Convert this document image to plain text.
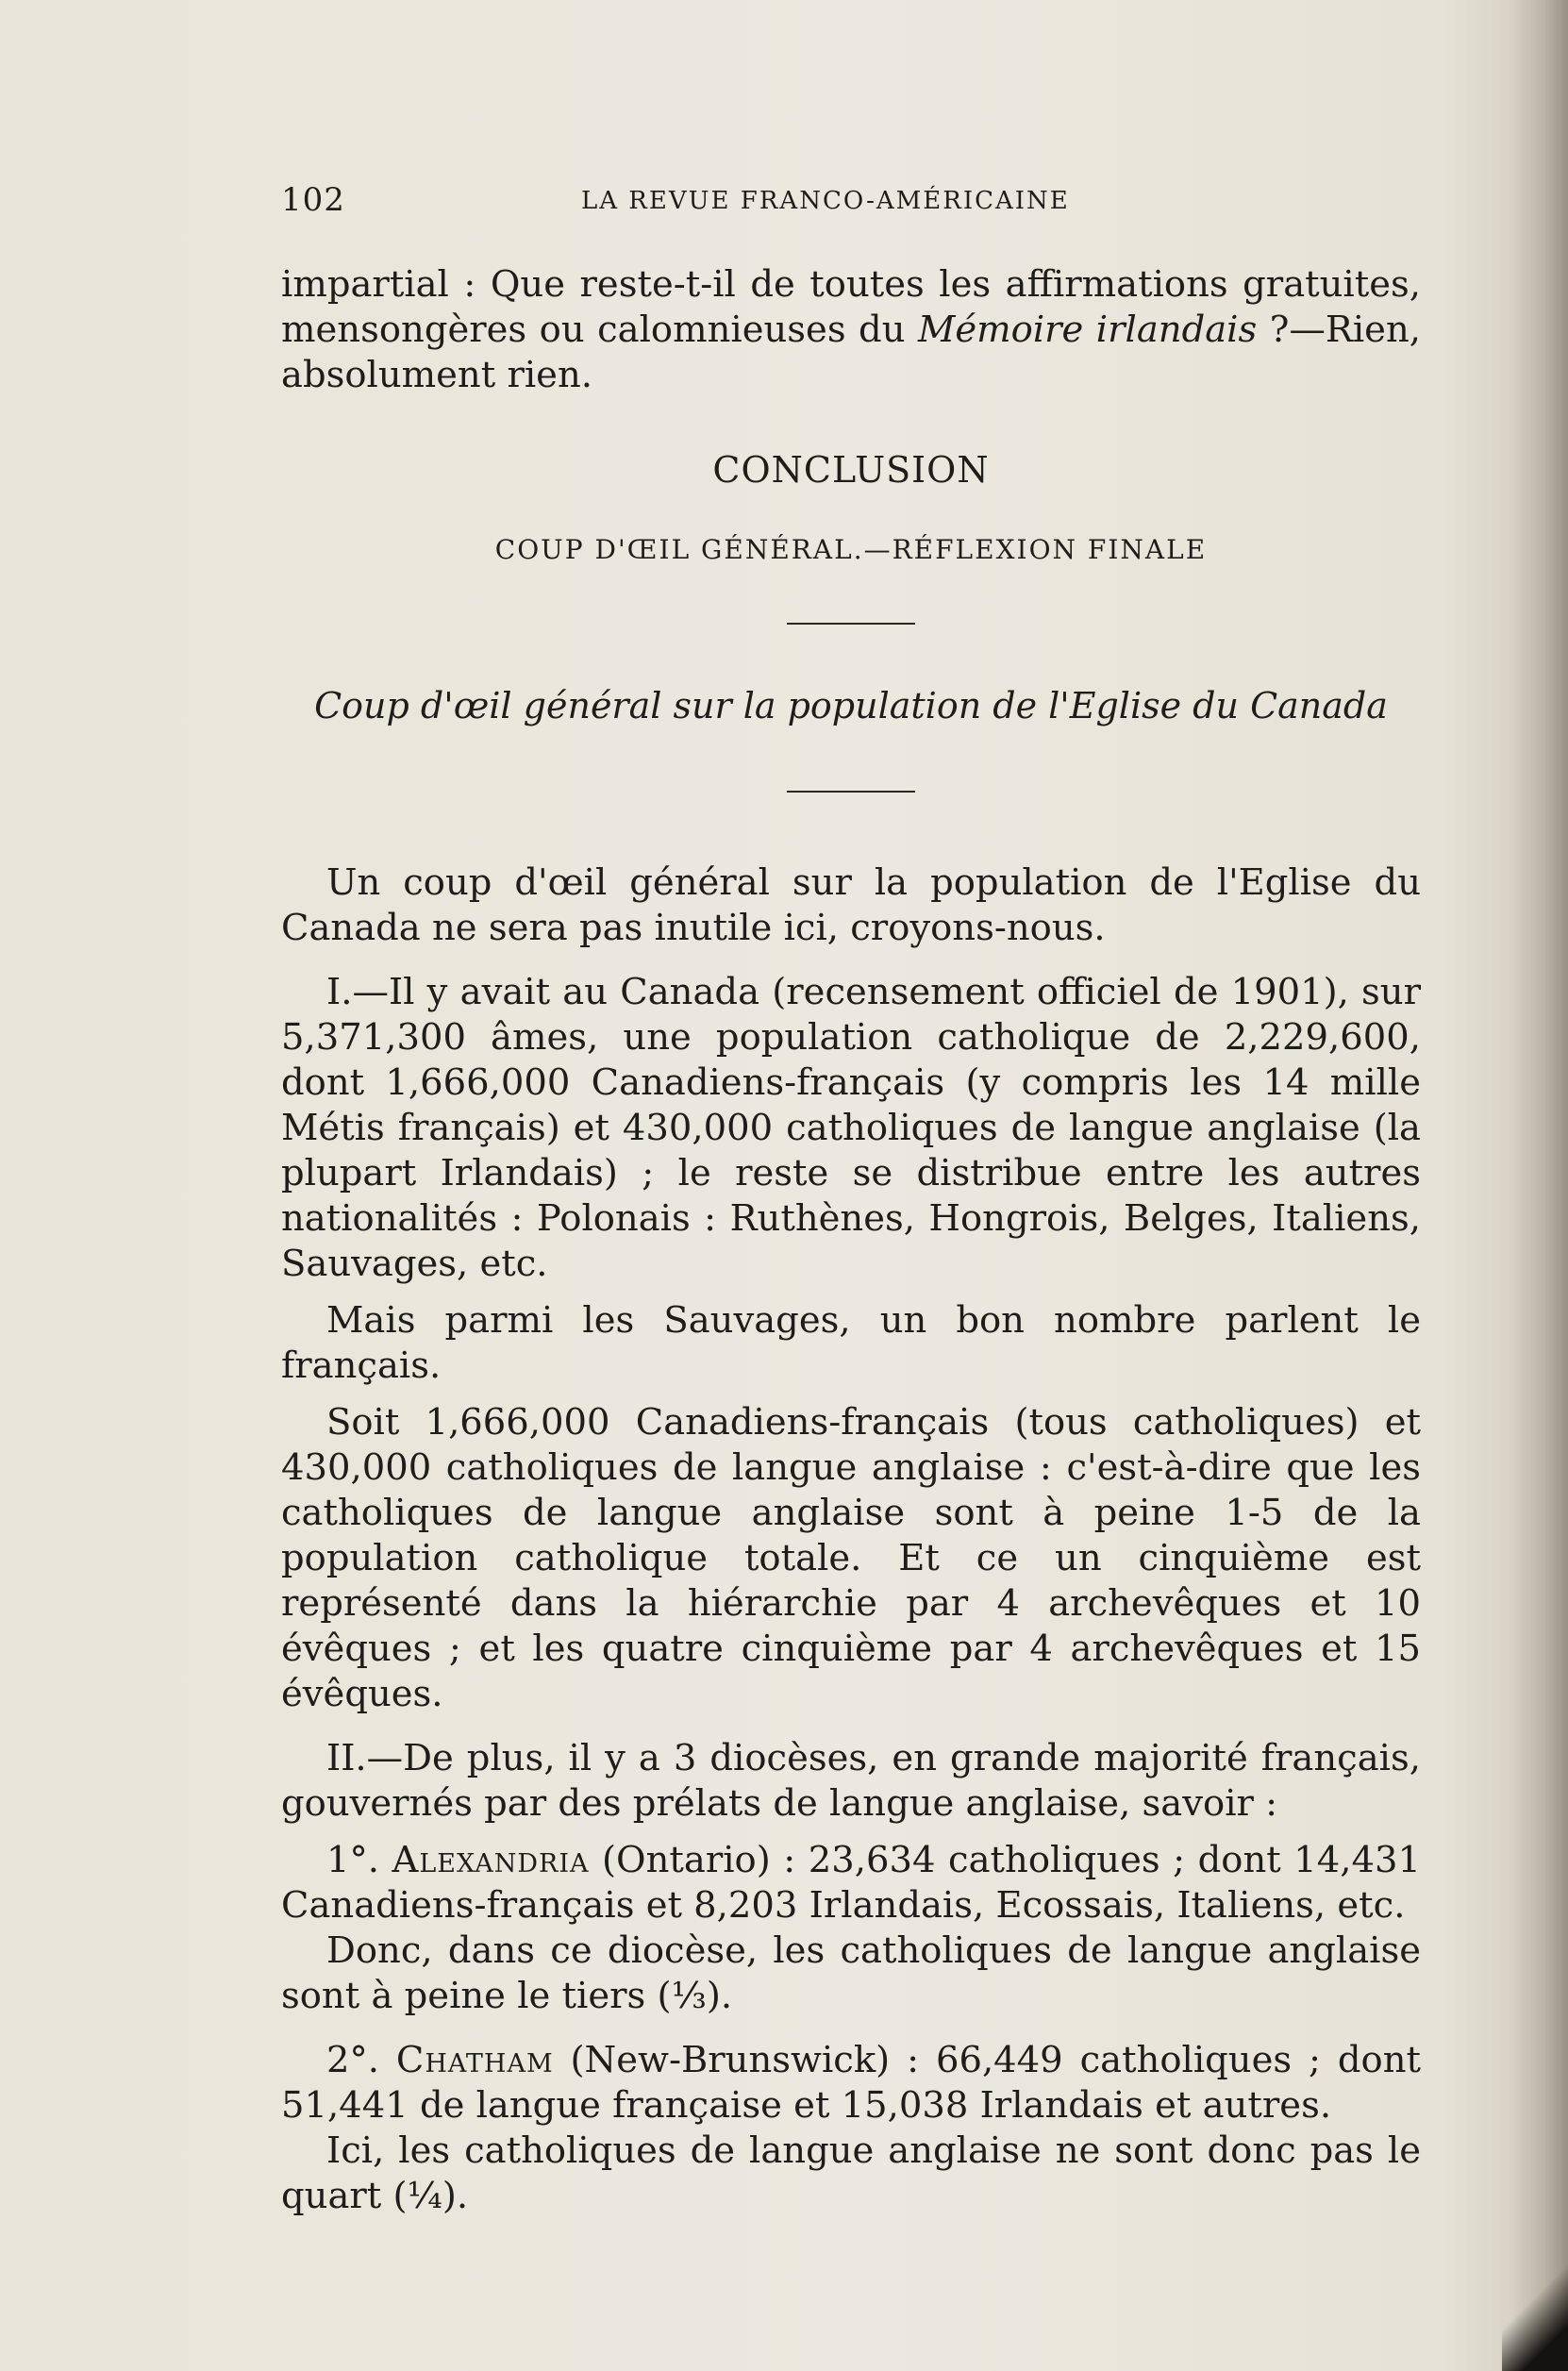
102	LA REVUE FRANCO-AMÉRICAINE

impartial : Que reste-t-il de toutes les affirmations gratuites, mensongères ou calomnieuses du Mémoire irlandais ?—Rien, absolument rien.

CONCLUSION
COUP D'ŒIL GÉNÉRAL.—RÉFLEXION FINALE
Coup d'œil général sur la population de l'Eglise du Canada

Un coup d'œil général sur la population de l'Eglise du Canada ne sera pas inutile ici, croyons-nous.

I.—Il y avait au Canada (recensement officiel de 1901), sur 5,371,300 âmes, une population catholique de 2,229,600, dont 1,666,000 Canadiens-français (y compris les 14 mille Métis français) et 430,000 catholiques de langue anglaise (la plupart Irlandais) ; le reste se distribue entre les autres nationalités : Polonais : Ruthènes, Hongrois, Belges, Italiens, Sauvages, etc.

Mais parmi les Sauvages, un bon nombre parlent le français.

Soit 1,666,000 Canadiens-français (tous catholiques) et 430,000 catholiques de langue anglaise : c'est-à-dire que les catholiques de langue anglaise sont à peine 1-5 de la population catholique totale. Et ce un cinquième est représenté dans la hiérarchie par 4 archevêques et 10 évêques ; et les quatre cinquième par 4 archevêques et 15 évêques.

II.—De plus, il y a 3 diocèses, en grande majorité français, gouvernés par des prélats de langue anglaise, savoir :

1°. Alexandria (Ontario) : 23,634 catholiques ; dont 14,431 Canadiens-français et 8,203 Irlandais, Ecossais, Italiens, etc.

Donc, dans ce diocèse, les catholiques de langue anglaise sont à peine le tiers (⅓).

2°. Chatham (New-Brunswick) : 66,449 catholiques ; dont 51,441 de langue française et 15,038 Irlandais et autres.

Ici, les catholiques de langue anglaise ne sont donc pas le quart (¼).
